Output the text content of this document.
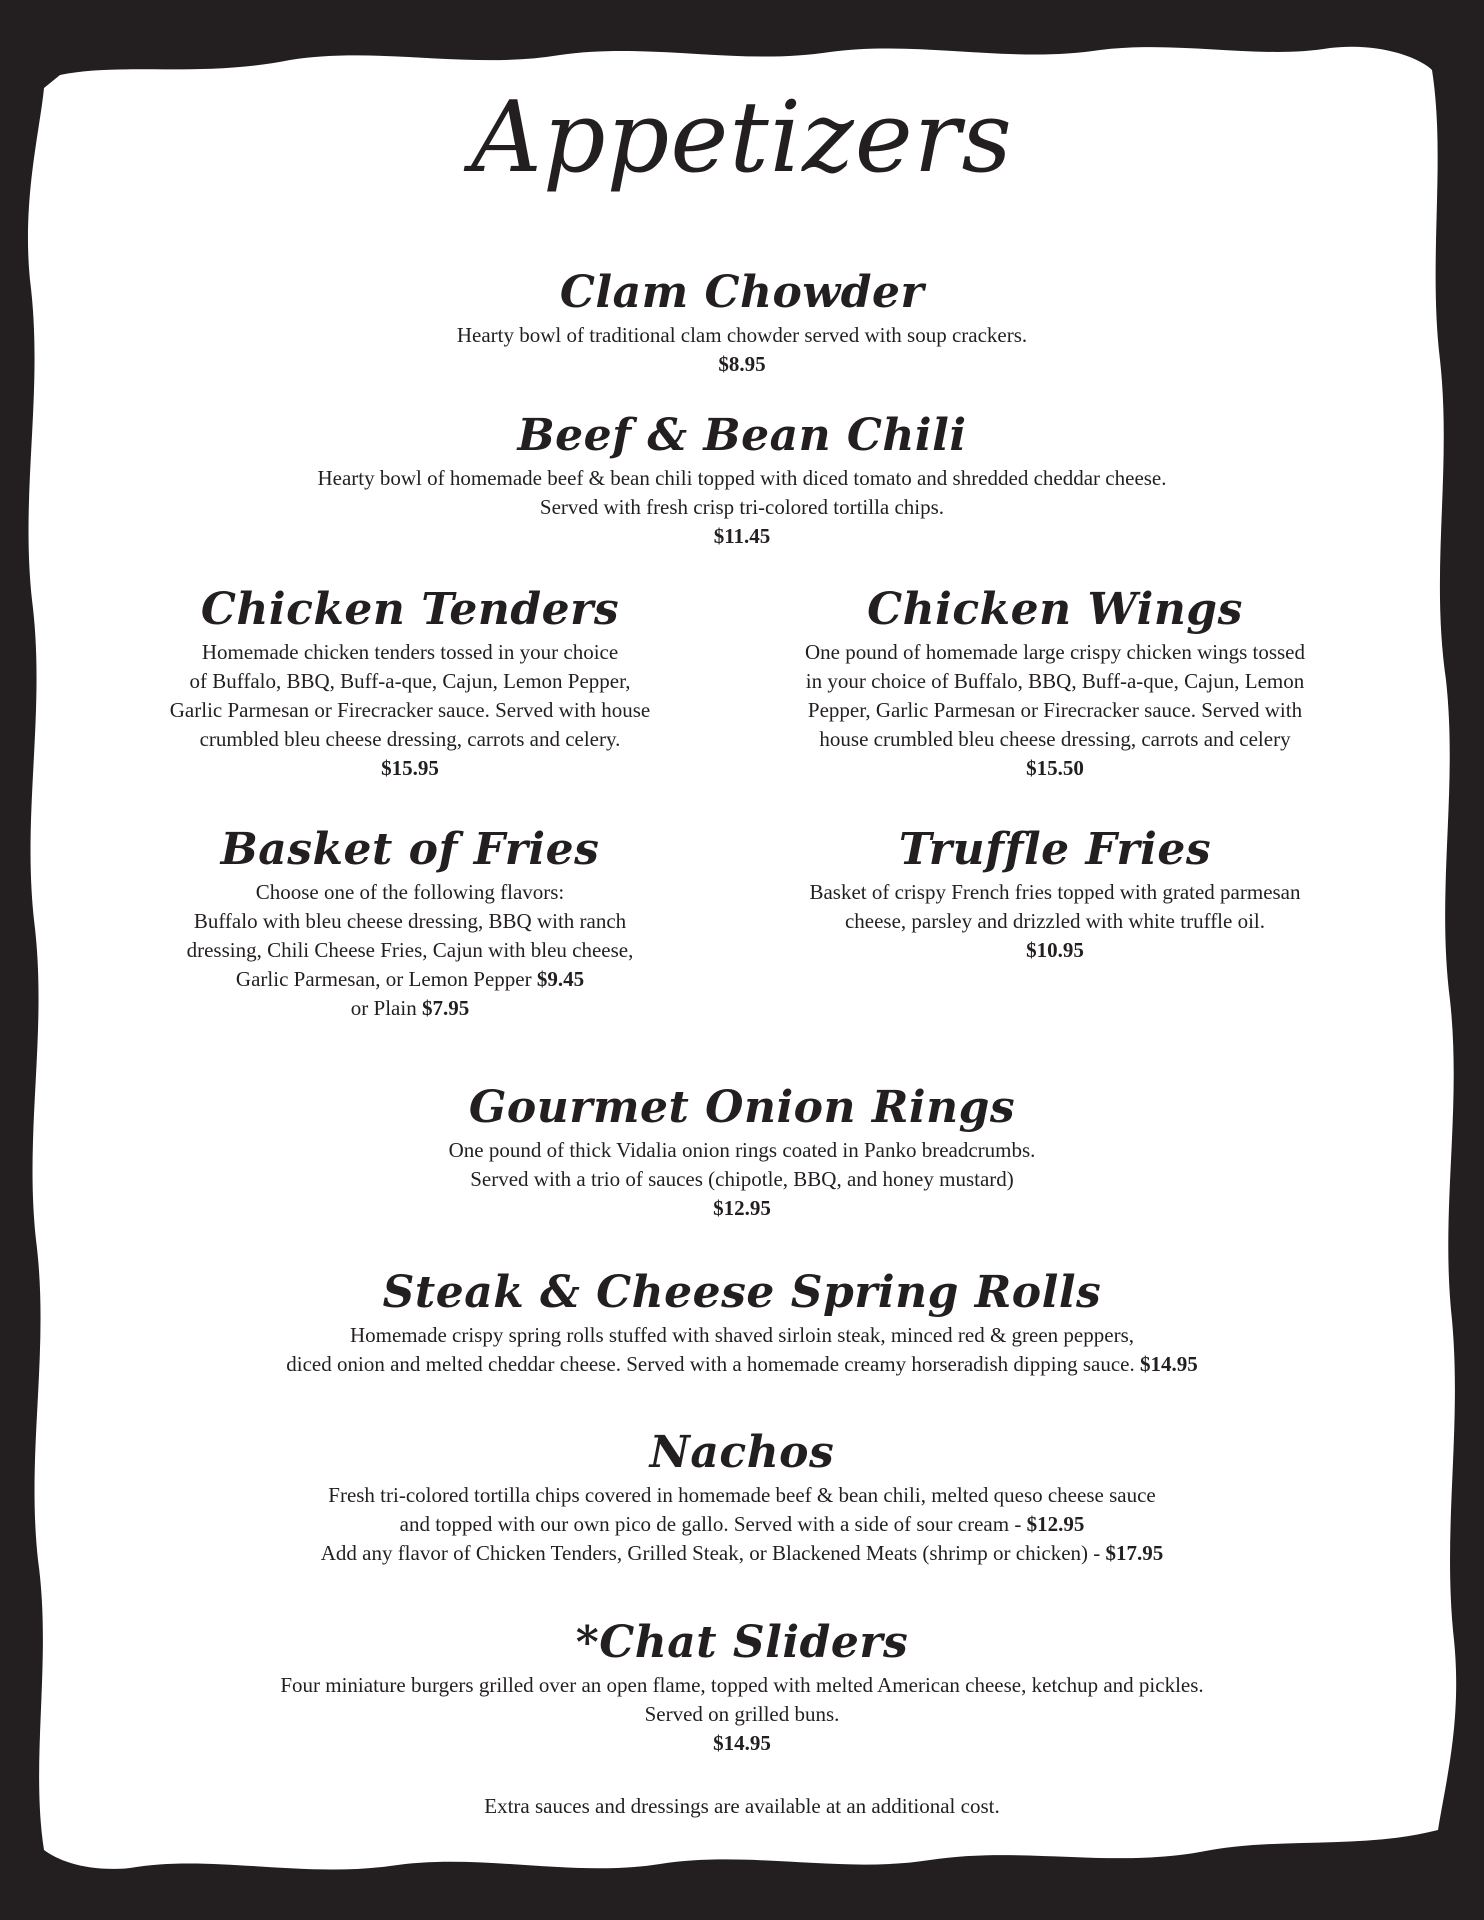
Appetizers
Clam Chowder

Hearty bowl of traditional clam chowder served with soup crackers.

$8.95

Beef & Bean Chili

Hearty bowl of homemade beef & bean chili topped with diced tomato and shredded cheddar cheese.
Served with fresh crisp tri-colored tortilla chips.

$11.45

Chicken Tenders

Homemade chicken tenders tossed in your choice
of Buffalo, BBQ, Buff-a-que, Cajun, Lemon Pepper,
Garlic Parmesan or Firecracker sauce. Served with house
crumbled bleu cheese dressing, carrots and celery.

$15.95

Chicken Wings

One pound of homemade large crispy chicken wings tossed
in your choice of Buffalo, BBQ, Buff-a-que, Cajun, Lemon
Pepper, Garlic Parmesan or Firecracker sauce. Served with
house crumbled bleu cheese dressing, carrots and celery

$15.50

Basket of Fries

Choose one of the following flavors:
Buffalo with bleu cheese dressing, BBQ with ranch
dressing, Chili Cheese Fries, Cajun with bleu cheese,
Garlic Parmesan, or Lemon Pepper $9.45
or Plain $7.95

Truffle Fries

Basket of crispy French fries topped with grated parmesan
cheese, parsley and drizzled with white truffle oil.

$10.95

Gourmet Onion Rings

One pound of thick Vidalia onion rings coated in Panko breadcrumbs.
Served with a trio of sauces (chipotle, BBQ, and honey mustard)

$12.95

Steak & Cheese Spring Rolls

Homemade crispy spring rolls stuffed with shaved sirloin steak, minced red & green peppers,
diced onion and melted cheddar cheese. Served with a homemade creamy horseradish dipping sauce. $14.95

Nachos

Fresh tri-colored tortilla chips covered in homemade beef & bean chili, melted queso cheese sauce
and topped with our own pico de gallo. Served with a side of sour cream - $12.95
Add any flavor of Chicken Tenders, Grilled Steak, or Blackened Meats (shrimp or chicken) - $17.95

*Chat Sliders

Four miniature burgers grilled over an open flame, topped with melted American cheese, ketchup and pickles.
Served on grilled buns.

$14.95

Extra sauces and dressings are available at an additional cost.
